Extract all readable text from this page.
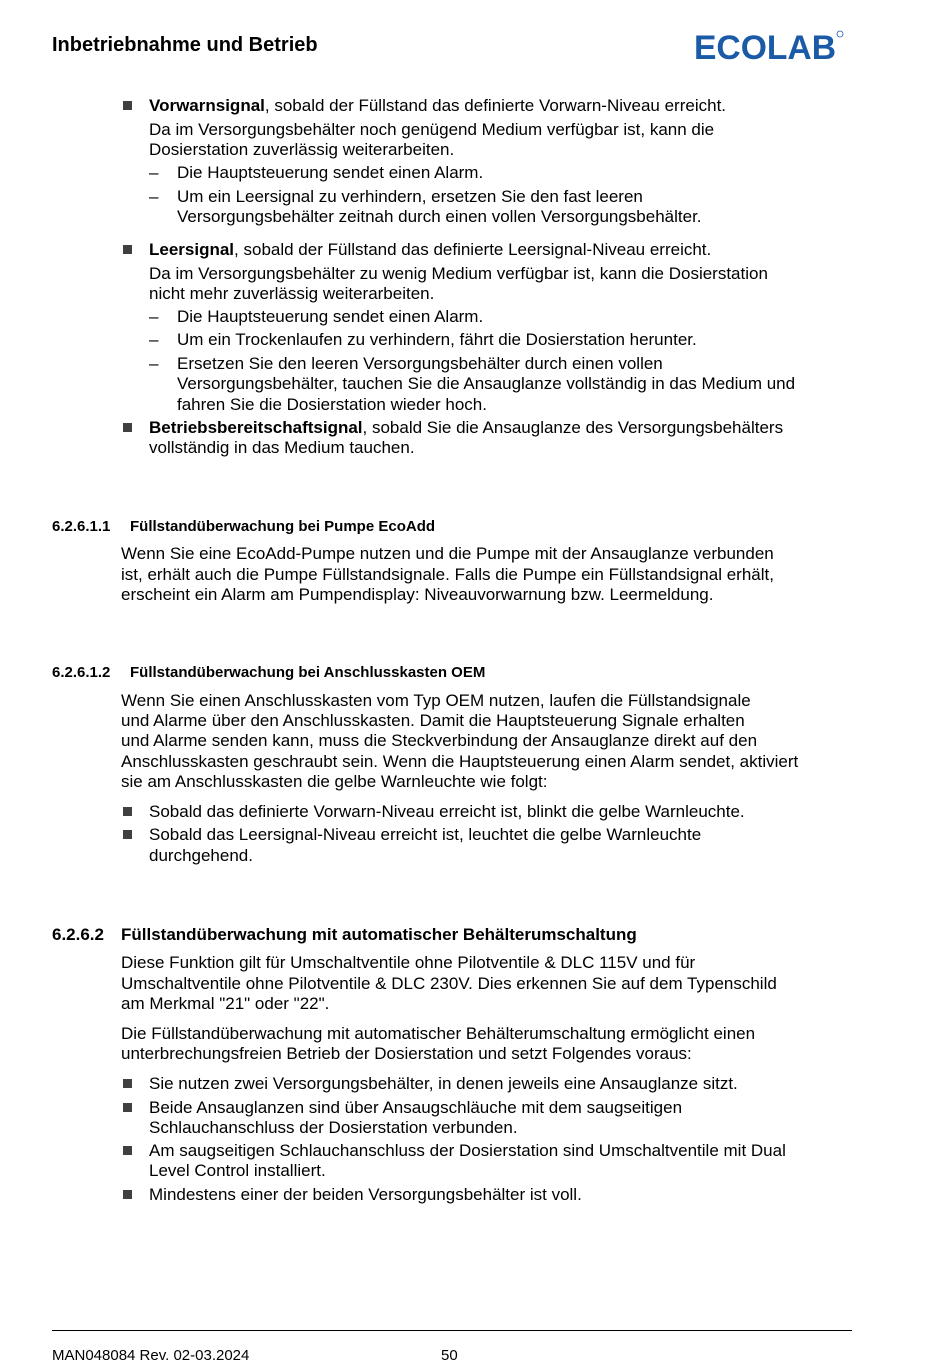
Inbetriebnahme und Betrieb	ECOLAB
Vorwarnsignal, sobald der Füllstand das definierte Vorwarn-Niveau erreicht.
Da im Versorgungsbehälter noch genügend Medium verfügbar ist, kann die
Dosierstation zuverlässig weiterarbeiten.
– Die Hauptsteuerung sendet einen Alarm.
– Um ein Leersignal zu verhindern, ersetzen Sie den fast leeren
Versorgungsbehälter zeitnah durch einen vollen Versorgungsbehälter.
Leersignal, sobald der Füllstand das definierte Leersignal-Niveau erreicht.
Da im Versorgungsbehälter zu wenig Medium verfügbar ist, kann die Dosierstation
nicht mehr zuverlässig weiterarbeiten.
– Die Hauptsteuerung sendet einen Alarm.
– Um ein Trockenlaufen zu verhindern, fährt die Dosierstation herunter.
– Ersetzen Sie den leeren Versorgungsbehälter durch einen vollen
Versorgungsbehälter, tauchen Sie die Ansauglanze vollständig in das Medium und
fahren Sie die Dosierstation wieder hoch.
Betriebsbereitschaftsignal, sobald Sie die Ansauglanze des Versorgungsbehälters
vollständig in das Medium tauchen.
6.2.6.1.1 Füllstandüberwachung bei Pumpe EcoAdd
Wenn Sie eine EcoAdd-Pumpe nutzen und die Pumpe mit der Ansauglanze verbunden
ist, erhält auch die Pumpe Füllstandsignale. Falls die Pumpe ein Füllstandsignal erhält,
erscheint ein Alarm am Pumpendisplay: Niveauvorwarnung bzw. Leermeldung.
6.2.6.1.2 Füllstandüberwachung bei Anschlusskasten OEM
Wenn Sie einen Anschlusskasten vom Typ OEM nutzen, laufen die Füllstandsignale
und Alarme über den Anschlusskasten. Damit die Hauptsteuerung Signale erhalten
und Alarme senden kann, muss die Steckverbindung der Ansauglanze direkt auf den
Anschlusskasten geschraubt sein. Wenn die Hauptsteuerung einen Alarm sendet, aktiviert
sie am Anschlusskasten die gelbe Warnleuchte wie folgt:
Sobald das definierte Vorwarn-Niveau erreicht ist, blinkt die gelbe Warnleuchte.
Sobald das Leersignal-Niveau erreicht ist, leuchtet die gelbe Warnleuchte
durchgehend.
6.2.6.2 Füllstandüberwachung mit automatischer Behälterumschaltung
Diese Funktion gilt für Umschaltventile ohne Pilotventile & DLC 115V und für
Umschaltventile ohne Pilotventile & DLC 230V. Dies erkennen Sie auf dem Typenschild
am Merkmal "21" oder "22".
Die Füllstandüberwachung mit automatischer Behälterumschaltung ermöglicht einen
unterbrechungsfreien Betrieb der Dosierstation und setzt Folgendes voraus:
Sie nutzen zwei Versorgungsbehälter, in denen jeweils eine Ansauglanze sitzt.
Beide Ansauglanzen sind über Ansaugschläuche mit dem saugseitigen
Schlauchanschluss der Dosierstation verbunden.
Am saugseitigen Schlauchanschluss der Dosierstation sind Umschaltventile mit Dual
Level Control installiert.
Mindestens einer der beiden Versorgungsbehälter ist voll.
MAN048084 Rev. 02-03.2024	50
